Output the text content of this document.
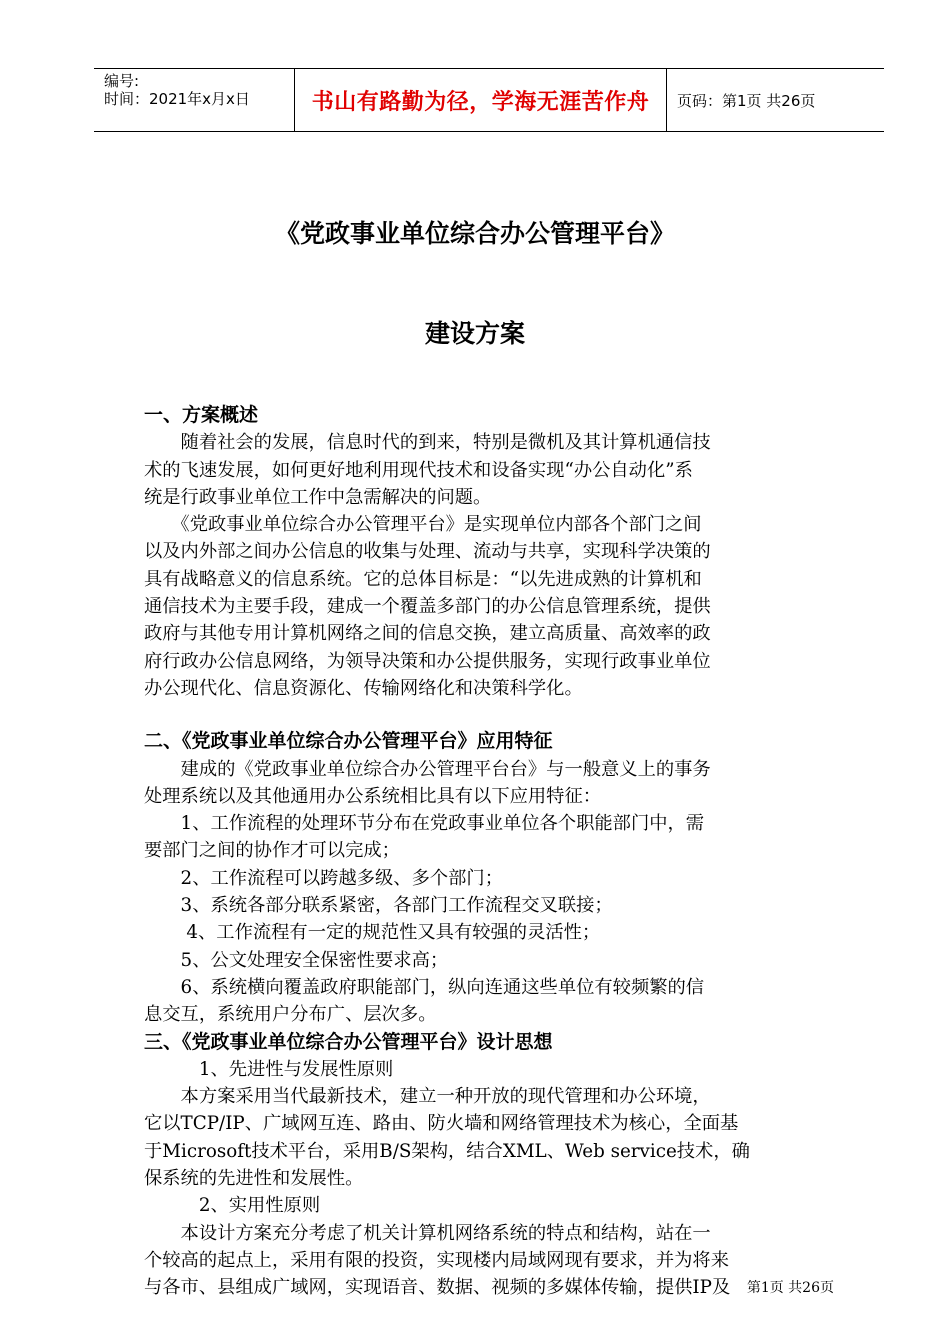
编号:
时间：2021年x月x日	书山有路勤为径，学海无涯苦作舟	页码：第1页 共26页
《党政事业单位综合办公管理平台》
建设方案
一、方案概述
　　随着社会的发展，信息时代的到来，特别是微机及其计算机通信技
术的飞速发展，如何更好地利用现代技术和设备实现“办公自动化”系
统是行政事业单位工作中急需解决的问题。
　　《党政事业单位综合办公管理平台》是实现单位内部各个部门之间
以及内外部之间办公信息的收集与处理、流动与共享，实现科学决策的
具有战略意义的信息系统。它的总体目标是：“以先进成熟的计算机和
通信技术为主要手段，建成一个覆盖多部门的办公信息管理系统，提供
政府与其他专用计算机网络之间的信息交换，建立高质量、高效率的政
府行政办公信息网络，为领导决策和办公提供服务，实现行政事业单位
办公现代化、信息资源化、传输网络化和决策科学化。
二、《党政事业单位综合办公管理平台》应用特征
　　建成的《党政事业单位综合办公管理平台台》与一般意义上的事务
处理系统以及其他通用办公系统相比具有以下应用特征：
　　1、工作流程的处理环节分布在党政事业单位各个职能部门中，需
要部门之间的协作才可以完成；
　　2、工作流程可以跨越多级、多个部门；
　　3、系统各部分联系紧密，各部门工作流程交叉联接；
　　 4、工作流程有一定的规范性又具有较强的灵活性；
　　5、公文处理安全保密性要求高；
　　6、系统横向覆盖政府职能部门，纵向连通这些单位有较频繁的信
息交互，系统用户分布广、层次多。
三、《党政事业单位综合办公管理平台》设计思想
　　　1、先进性与发展性原则
　　本方案采用当代最新技术，建立一种开放的现代管理和办公环境，
它以TCP/IP、广域网互连、路由、防火墙和网络管理技术为核心，全面基
于Microsoft技术平台，采用B/S架构，结合XML、Web service技术，确
保系统的先进性和发展性。
　　　2、实用性原则
　　本设计方案充分考虑了机关计算机网络系统的特点和结构，站在一
个较高的起点上，采用有限的投资，实现楼内局域网现有要求，并为将来
与各市、县组成广域网，实现语音、数据、视频的多媒体传输，提供IP及	第1页 共26页
